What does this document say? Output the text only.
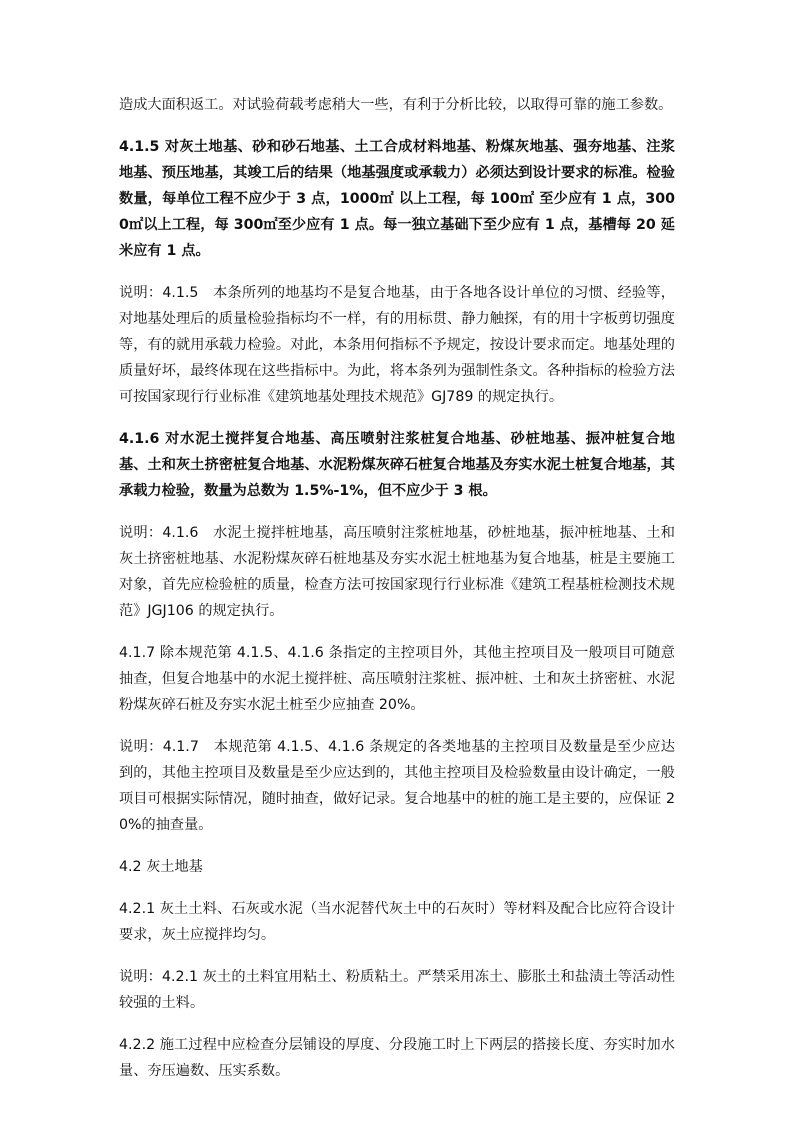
造成大面积返工。对试验荷载考虑稍大一些，有利于分析比较，以取得可靠的施工参数。

4.1.5 对灰土地基、砂和砂石地基、土工合成材料地基、粉煤灰地基、强夯地基、注浆地基、预压地基，其竣工后的结果（地基强度或承载力）必须达到设计要求的标准。检验数量，每单位工程不应少于 3 点，1000㎡ 以上工程，每 100㎡ 至少应有 1 点，3000㎡以上工程，每 300㎡至少应有 1 点。每一独立基础下至少应有 1 点，基槽每 20 延米应有 1 点。

说明：4.1.5　本条所列的地基均不是复合地基，由于各地各设计单位的习惯、经验等，对地基处理后的质量检验指标均不一样，有的用标贯、静力触探，有的用十字板剪切强度等，有的就用承载力检验。对此，本条用何指标不予规定，按设计要求而定。地基处理的质量好坏，最终体现在这些指标中。为此，将本条列为强制性条文。各种指标的检验方法可按国家现行行业标准《建筑地基处理技术规范》GJ789 的规定执行。

4.1.6 对水泥土搅拌复合地基、高压喷射注浆桩复合地基、砂桩地基、振冲桩复合地基、土和灰土挤密桩复合地基、水泥粉煤灰碎石桩复合地基及夯实水泥土桩复合地基，其承载力检验，数量为总数为 1.5%-1%，但不应少于 3 根。

说明：4.1.6　水泥土搅拌桩地基，高压喷射注浆桩地基，砂桩地基，振冲桩地基、土和灰土挤密桩地基、水泥粉煤灰碎石桩地基及夯实水泥土桩地基为复合地基，桩是主要施工对象，首先应检验桩的质量，检查方法可按国家现行行业标准《建筑工程基桩检测技术规范》JGJ106 的规定执行。

4.1.7 除本规范第 4.1.5、4.1.6 条指定的主控项目外，其他主控项目及一般项目可随意抽查，但复合地基中的水泥土搅拌桩、高压喷射注浆桩、振冲桩、土和灰土挤密桩、水泥粉煤灰碎石桩及夯实水泥土桩至少应抽查 20%。

说明：4.1.7　本规范第 4.1.5、4.1.6 条规定的各类地基的主控项目及数量是至少应达到的，其他主控项目及数量是至少应达到的，其他主控项目及检验数量由设计确定，一般项目可根据实际情况，随时抽查，做好记录。复合地基中的桩的施工是主要的，应保证 20%的抽查量。

4.2 灰土地基

4.2.1 灰土土料、石灰或水泥（当水泥替代灰土中的石灰时）等材料及配合比应符合设计要求，灰土应搅拌均匀。

说明：4.2.1 灰土的土料宜用粘土、粉质粘土。严禁采用冻土、膨胀土和盐渍土等活动性较强的土料。

4.2.2 施工过程中应检查分层铺设的厚度、分段施工时上下两层的搭接长度、夯实时加水量、夯压遍数、压实系数。
